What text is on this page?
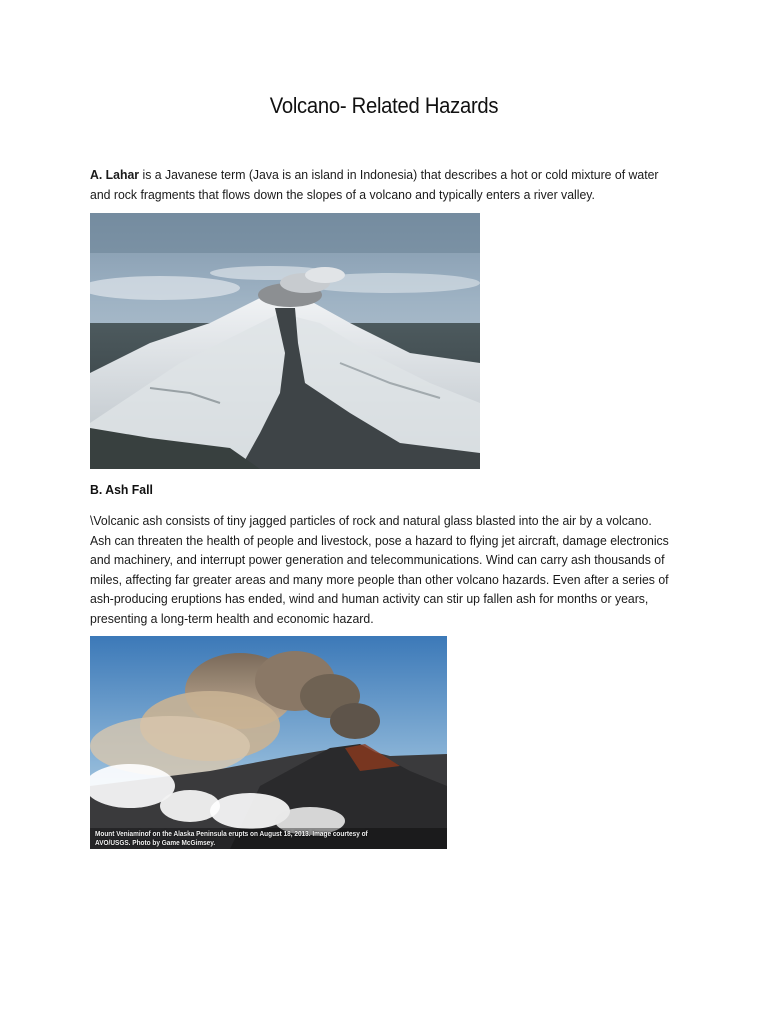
Volcano- Related Hazards
A. Lahar is a Javanese term (Java is an island in Indonesia) that describes a hot or cold mixture of water and rock fragments that flows down the slopes of a volcano and typically enters a river valley.
B. Ash Fall
\Volcanic ash consists of tiny jagged particles of rock and natural glass blasted into the air by a volcano. Ash can threaten the health of people and livestock, pose a hazard to flying jet aircraft, damage electronics and machinery, and interrupt power generation and telecommunications. Wind can carry ash thousands of miles, affecting far greater areas and many more people than other volcano hazards. Even after a series of ash-producing eruptions has ended, wind and human activity can stir up fallen ash for months or years, presenting a long-term health and economic hazard.
Mount Veniaminof on the Alaska Peninsula erupts on August 18, 2013. Image courtesy of AVO/USGS. Photo by Game McGimsey.
